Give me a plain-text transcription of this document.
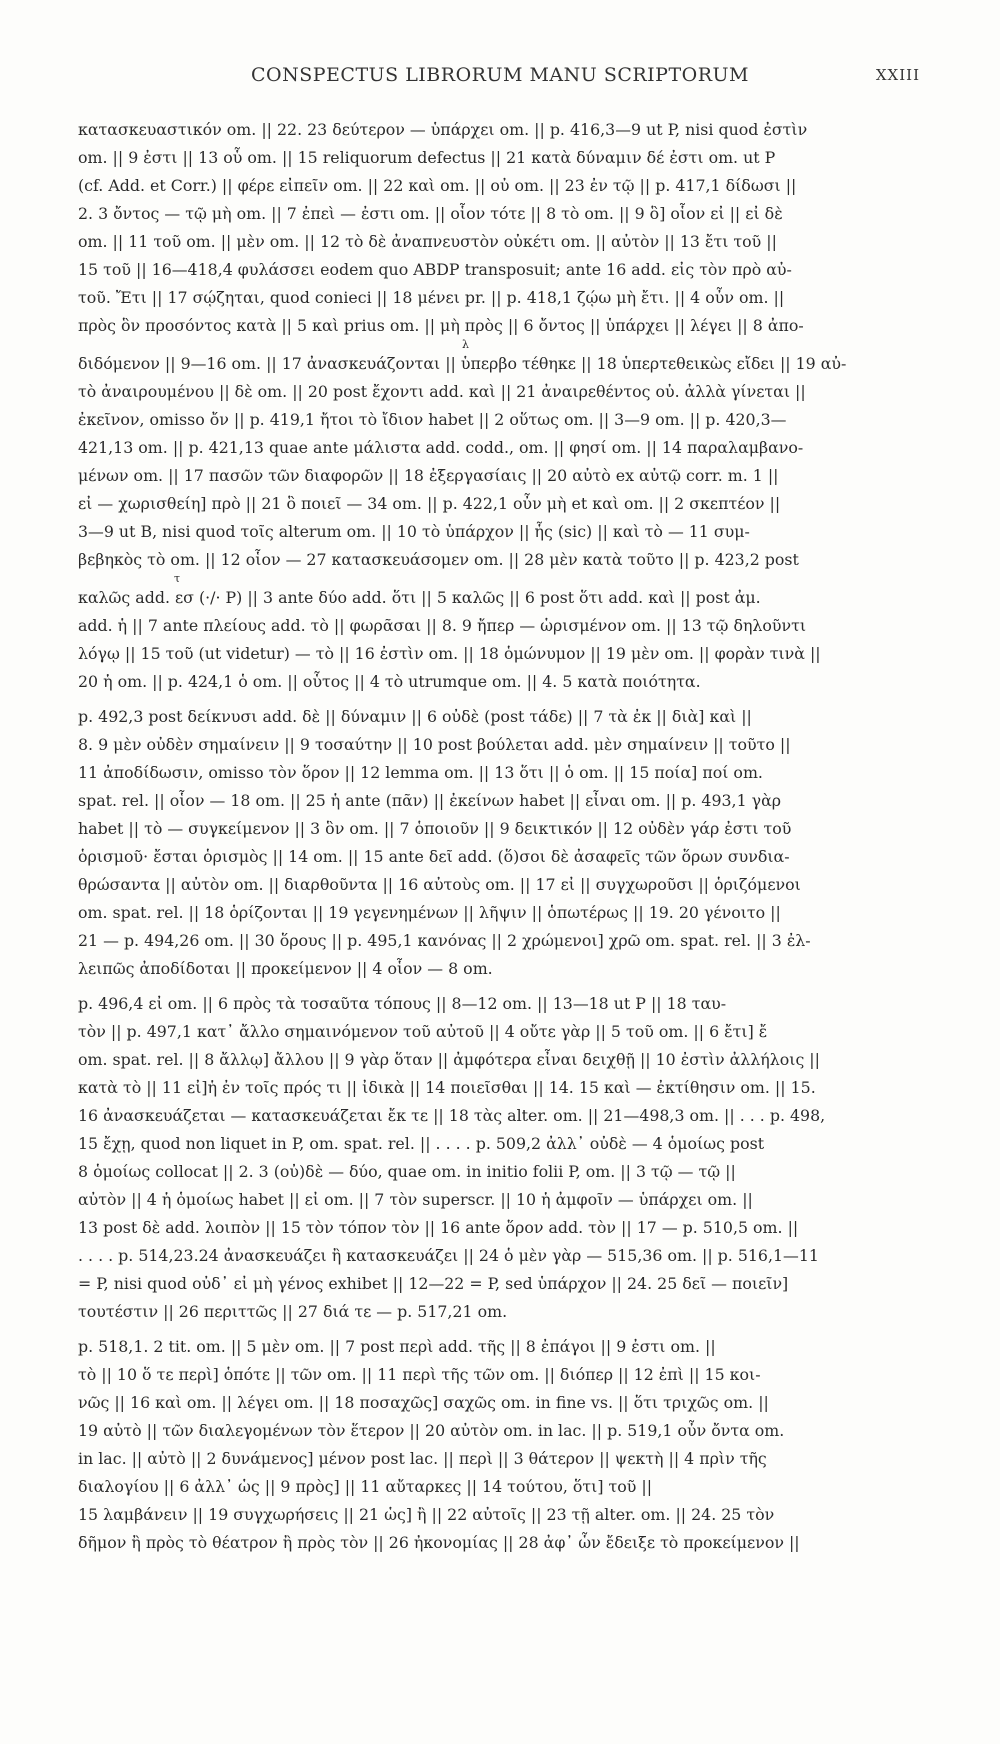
CONSPECTUS LIBRORUM MANU SCRIPTORUM	XXIII
κατασκευαστικόν om. || 22. 23 δεύτερον — ὑπάρχει om. || p. 416,3—9 ut P, nisi quod ἐστὶν
om. || 9 ἐστι || 13 οὗ om. || 15 reliquorum defectus || 21 κατὰ δύναμιν δέ ἐστι om. ut P
(cf. Add. et Corr.) || φέρε εἰπεῖν om. || 22 καὶ om. || οὐ om. || 23 ἐν τῷ || p. 417,1 δίδωσι ||
2. 3 ὄντος — τῷ μὴ om. || 7 ἐπεὶ — ἐστι om. || οἷον τότε || 8 τὸ om. || 9 ὃ] οἷον εἰ || εἰ δὲ
om. || 11 τοῦ om. || μὲν om. || 12 τὸ δὲ ἀναπνευστὸν οὐκέτι om. || αὐτὸν || 13 ἔτι τοῦ ||
15 τοῦ || 16—418,4 φυλάσσει eodem quo ABDP transposuit; ante 16 add. εἰς τὸν πρὸ αὐ-
τοῦ. Ἔτι || 17 σῴζηται, quod conieci || 18 μένει pr. || p. 418,1 ζῴω μὴ ἔτι. || 4 οὖν om. ||
πρὸς ὃν προσόντος κατὰ || 5 καὶ prius om. || μὴ πρὸς || 6 ὄντος || ὑπάρχει || λέγει || 8 ἀπο-
λ
διδόμενον || 9—16 om. || 17 ἀνασκευάζονται || ὑπερβο τέθηκε || 18 ὑπερτεθεικὼς εἴδει || 19 αὐ-
τὸ ἀναιρουμένου || δὲ om. || 20 post ἔχοντι add. καὶ || 21 ἀναιρεθέντος οὐ. ἀλλὰ γίνεται ||
ἐκεῖνον, omisso ὄν || p. 419,1 ἤτοι τὸ ἴδιον habet || 2 οὕτως om. || 3—9 om. || p. 420,3—
421,13 om. || p. 421,13 quae ante μάλιστα add. codd., om. || φησί om. || 14 παραλαμβανο-
μένων om. || 17 πασῶν τῶν διαφορῶν || 18 ἐξεργασίαις || 20 αὐτὸ ex αὐτῷ corr. m. 1 ||
εἰ — χωρισθείη] πρὸ || 21 ὃ ποιεῖ — 34 om. || p. 422,1 οὖν μὴ et καὶ om. || 2 σκεπτέον ||
3—9 ut B, nisi quod τοῖς alterum om. || 10 τὸ ὑπάρχον || ἧς (sic) || καὶ τὸ — 11 συμ-
βεβηκὸς τὸ om. || 12 οἷον — 27 κατασκευάσομεν om. || 28 μὲν κατὰ τοῦτο || p. 423,2 post
τ
καλῶς add. εσ (·/· P) || 3 ante δύο add. ὅτι || 5 καλῶς || 6 post ὅτι add. καὶ || post ἀμ.
add. ἡ || 7 ante πλείους add. τὸ || φωρᾶσαι || 8. 9 ἤπερ — ὡρισμένον om. || 13 τῷ δηλοῦντι
λόγῳ || 15 τοῦ (ut videtur) — τὸ || 16 ἐστὶν om. || 18 ὁμώνυμον || 19 μὲν om. || φορὰν τινὰ ||
20 ἡ om. || p. 424,1 ὁ om. || οὗτος || 4 τὸ utrumque om. || 4. 5 κατὰ ποιότητα.
p. 492,3 post δείκνυσι add. δὲ || δύναμιν || 6 οὐδὲ (post τάδε) || 7 τὰ ἐκ || διὰ] καὶ ||
8. 9 μὲν οὐδὲν σημαίνειν || 9 τοσαύτην || 10 post βούλεται add. μὲν σημαίνειν || τοῦτο ||
11 ἀποδίδωσιν, omisso τὸν ὅρον || 12 lemma om. || 13 ὅτι || ὁ om. || 15 ποία] ποί om.
spat. rel. || οἷον — 18 om. || 25 ἡ ante (πᾶν) || ἐκείνων habet || εἶναι om. || p. 493,1 γὰρ
habet || τὸ — συγκείμενον || 3 ὃν om. || 7 ὁποιοῦν || 9 δεικτικόν || 12 οὐδὲν γάρ ἐστι τοῦ
ὁρισμοῦ· ἔσται ὁρισμὸς || 14 om. || 15 ante δεῖ add. (ὅ)σοι δὲ ἀσαφεῖς τῶν ὅρων συνδια-
θρώσαντα || αὐτὸν om. || διαρθοῦντα || 16 αὐτοὺς om. || 17 εἰ || συγχωροῦσι || ὁριζόμενοι
om. spat. rel. || 18 ὁρίζονται || 19 γεγενημένων || λῆψιν || ὁπωτέρως || 19. 20 γένοιτο ||
21 — p. 494,26 om. || 30 ὅρους || p. 495,1 κανόνας || 2 χρώμενοι] χρῶ om. spat. rel. || 3 ἐλ-
λειπῶς ἀποδίδοται || προκείμενον || 4 οἷον — 8 om.
p. 496,4 εἰ om. || 6 πρὸς τὰ τοσαῦτα τόπους || 8—12 om. || 13—18 ut P || 18 ταυ-
τὸν || p. 497,1 κατ᾽ ἄλλο σημαινόμενον τοῦ αὐτοῦ || 4 οὔτε γὰρ || 5 τοῦ om. || 6 ἔτι] ἔ
om. spat. rel. || 8 ἄλλῳ] ἄλλου || 9 γὰρ ὅταν || ἀμφότερα εἶναι δειχθῇ || 10 ἐστὶν ἀλλήλοις ||
κατὰ τὸ || 11 εἰ]ἡ ἐν τοῖς πρός τι || ἰδικὰ || 14 ποιεῖσθαι || 14. 15 καὶ — ἐκτίθησιν om. || 15.
16 ἀνασκευάζεται — κατασκευάζεται ἔκ τε || 18 τὰς alter. om. || 21—498,3 om. || . . . p. 498,
15 ἔχῃ, quod non liquet in P, om. spat. rel. || . . . . p. 509,2 ἀλλ᾽ οὐδὲ — 4 ὁμοίως post
8 ὁμοίως collocat || 2. 3 (οὐ)δὲ — δύο, quae om. in initio folii P, om. || 3 τῷ — τῷ ||
αὐτὸν || 4 ἡ ὁμοίως habet || εἰ om. || 7 τὸν superscr. || 10 ἡ ἀμφοῖν — ὑπάρχει om. ||
13 post δὲ add. λοιπὸν || 15 τὸν τόπον τὸν || 16 ante ὅρον add. τὸν || 17 — p. 510,5 om. ||
. . . . p. 514,23.24 ἀνασκευάζει ἢ κατασκευάζει || 24 ὁ μὲν γὰρ — 515,36 om. || p. 516,1—11
= P, nisi quod οὐδ᾽ εἰ μὴ γένος exhibet || 12—22 = P, sed ὑπάρχον || 24. 25 δεῖ — ποιεῖν]
τουτέστιν || 26 περιττῶς || 27 διά τε — p. 517,21 om.
p. 518,1. 2 tit. om. || 5 μὲν om. || 7 post περὶ add. τῆς || 8 ἐπάγοι || 9 ἐστι om. ||
τὸ || 10 ὅ τε περὶ] ὁπότε || τῶν om. || 11 περὶ τῆς τῶν om. || διόπερ || 12 ἐπὶ || 15 κοι-
νῶς || 16 καὶ om. || λέγει om. || 18 ποσαχῶς] σαχῶς om. in fine vs. || ὅτι τριχῶς om. ||
19 αὐτὸ || τῶν διαλεγομένων τὸν ἕτερον || 20 αὐτὸν om. in lac. || p. 519,1 οὖν ὄντα om.
in lac. || αὐτὸ || 2 δυνάμενος] μένον post lac. || περὶ || 3 θάτερον || ψεκτὴ || 4 πρὶν τῆς
διαλογίου || 6 ἀλλ᾽ ὡς || 9 πρὸς] || 11 αὔταρκες || 14 τούτου, ὅτι] τοῦ ||
15 λαμβάνειν || 19 συγχωρήσεις || 21 ὡς] ἢ || 22 αὐτοῖς || 23 τῇ alter. om. || 24. 25 τὸν
δῆμον ἢ πρὸς τὸ θέατρον ἢ πρὸς τὸν || 26 ἠκονομίας || 28 ἀφ᾽ ὧν ἔδειξε τὸ προκείμενον ||
